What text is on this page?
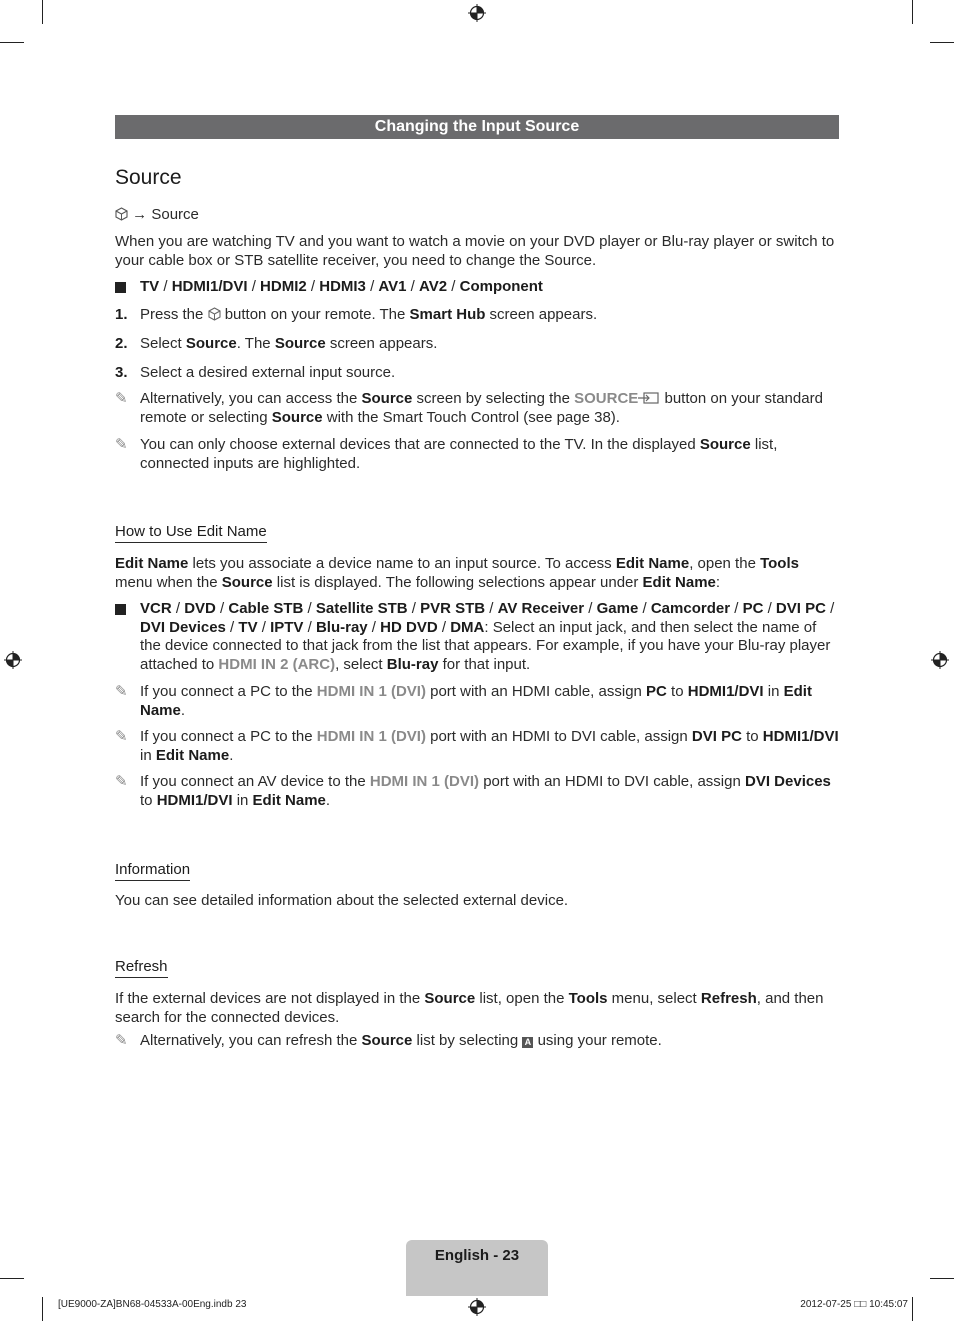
Changing the Input Source
Source
→ Source
When you are watching TV and you want to watch a movie on your DVD player or Blu-ray player or switch to your cable box or STB satellite receiver, you need to change the Source.
TV / HDMI1/DVI / HDMI2 / HDMI3 / AV1 / AV2 / Component
1. Press the  button on your remote. The Smart Hub screen appears.
2. Select Source. The Source screen appears.
3. Select a desired external input source.
✎ Alternatively, you can access the Source screen by selecting the SOURCE button on your standard remote or selecting Source with the Smart Touch Control (see page 38).
✎ You can only choose external devices that are connected to the TV. In the displayed Source list, connected inputs are highlighted.
How to Use Edit Name
Edit Name lets you associate a device name to an input source. To access Edit Name, open the Tools menu when the Source list is displayed. The following selections appear under Edit Name:
VCR / DVD / Cable STB / Satellite STB / PVR STB / AV Receiver / Game / Camcorder / PC / DVI PC / DVI Devices / TV / IPTV / Blu-ray / HD DVD / DMA: Select an input jack, and then select the name of the device connected to that jack from the list that appears. For example, if you have your Blu-ray player attached to HDMI IN 2 (ARC), select Blu-ray for that input.
✎ If you connect a PC to the HDMI IN 1 (DVI) port with an HDMI cable, assign PC to HDMI1/DVI in Edit Name.
✎ If you connect a PC to the HDMI IN 1 (DVI) port with an HDMI to DVI cable, assign DVI PC to HDMI1/DVI in Edit Name.
✎ If you connect an AV device to the HDMI IN 1 (DVI) port with an HDMI to DVI cable, assign DVI Devices to HDMI1/DVI in Edit Name.
Information
You can see detailed information about the selected external device.
Refresh
If the external devices are not displayed in the Source list, open the Tools menu, select Refresh, and then search for the connected devices.
✎ Alternatively, you can refresh the Source list by selecting A using your remote.
English - 23
[UE9000-ZA]BN68-04533A-00Eng.indb 23	2012-07-25 □□ 10:45:07
